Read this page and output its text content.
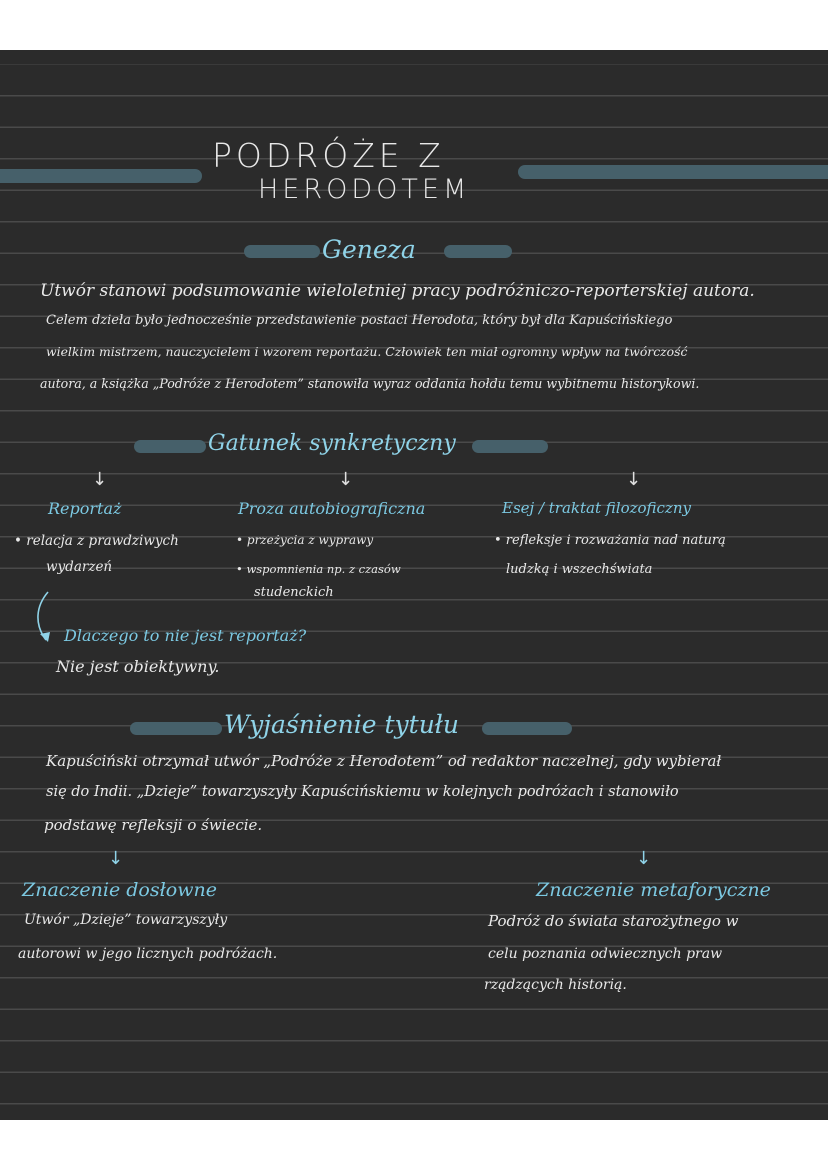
PODRÓŻE Z
HERODOTEM
Geneza
Utwór stanowi podsumowanie wieloletniej pracy podróżniczo-reporterskiej autora.
Celem dzieła było jednocześnie przedstawienie postaci Herodota, który był dla Kapuścińskiego
wielkim mistrzem, nauczycielem i wzorem reportażu. Człowiek ten miał ogromny wpływ na twórczość
autora, a książka „Podróże z Herodotem” stanowiła wyraz oddania hołdu temu wybitnemu historykowi.
Gatunek synkretyczny
↓	↓	↓
Reportaż
• relacja z prawdziwych
wydarzeń
Proza autobiograficzna
• przeżycia z wyprawy
• wspomnienia np. z czasów
studenckich
Esej / traktat filozoficzny
• refleksje i rozważania nad naturą
ludzką i wszechświata
Dlaczego to nie jest reportaż?
Nie jest obiektywny.
Wyjaśnienie tytułu
Kapuściński otrzymał utwór „Podróże z Herodotem” od redaktor naczelnej, gdy wybierał
się do Indii. „Dzieje” towarzyszyły Kapuścińskiemu w kolejnych podróżach i stanowiło
podstawę refleksji o świecie.
↓	↓
Znaczenie dosłowne
Utwór „Dzieje” towarzyszyły
autorowi w jego licznych podróżach.
Znaczenie metaforyczne
Podróż do świata starożytnego w
celu poznania odwiecznych praw
rządzących historią.
